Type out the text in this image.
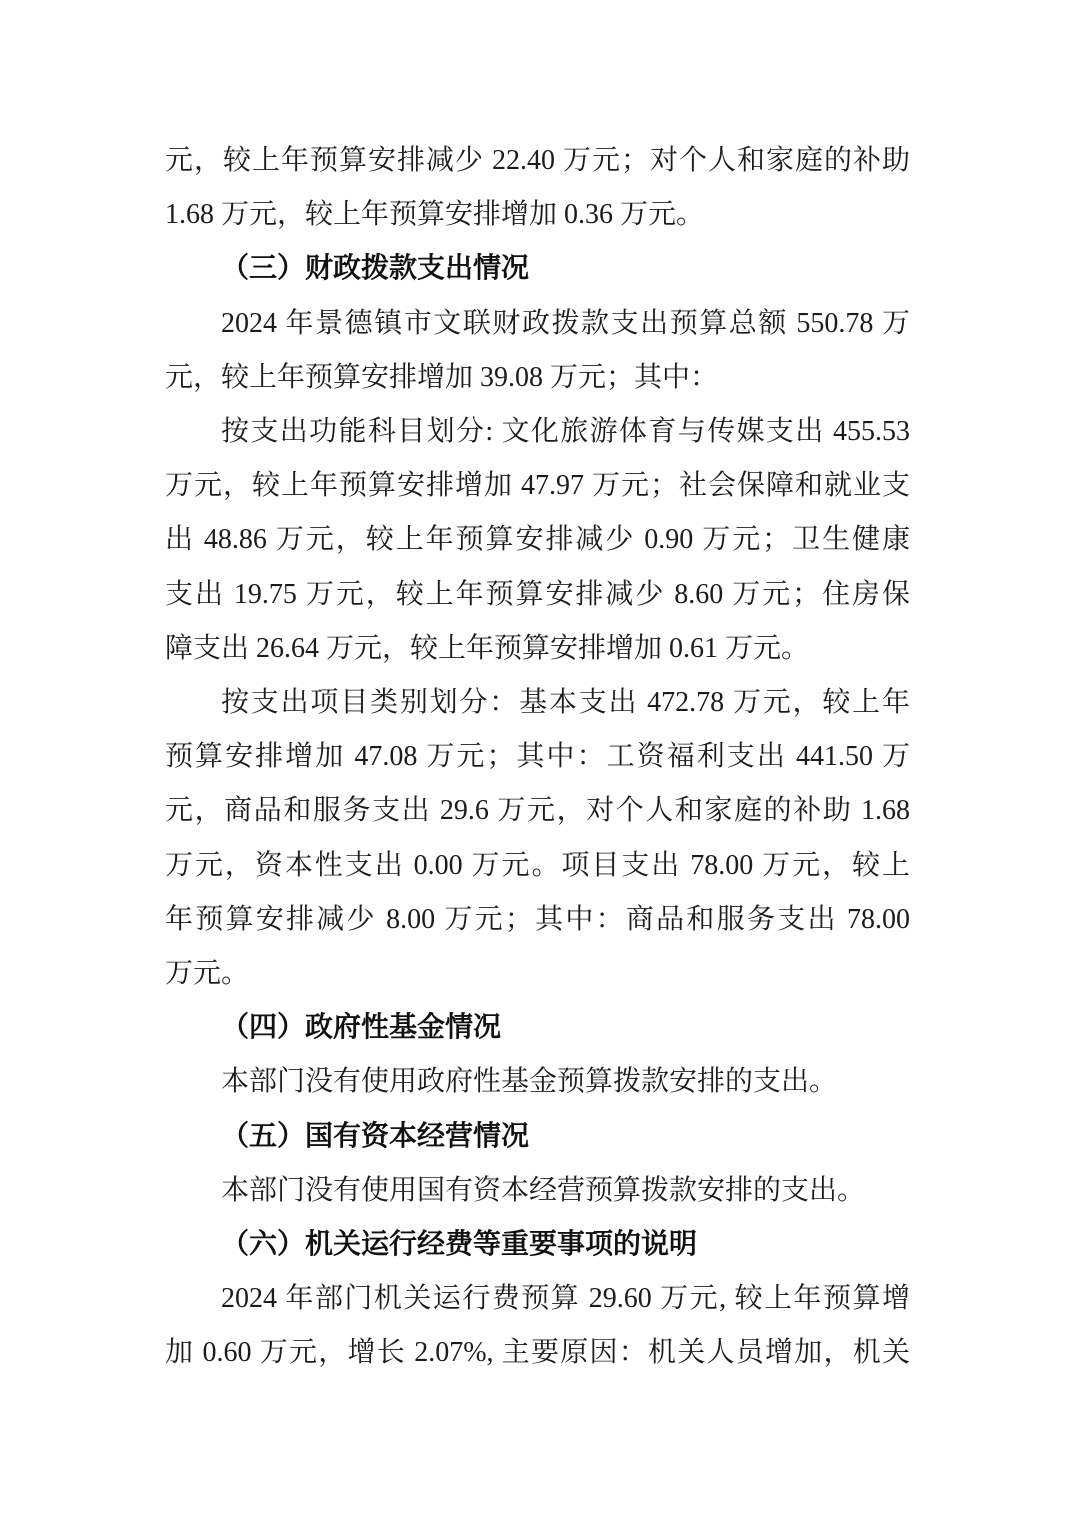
元，较上年预算安排减少 22.40 万元；对个人和家庭的补助
1.68 万元，较上年预算安排增加 0.36 万元。
（三）财政拨款支出情况
2024 年景德镇市文联财政拨款支出预算总额 550.78 万
元，较上年预算安排增加 39.08 万元；其中：
按支出功能科目划分: 文化旅游体育与传媒支出 455.53
万元，较上年预算安排增加 47.97 万元；社会保障和就业支
出 48.86 万元，较上年预算安排减少 0.90 万元；卫生健康
支出 19.75 万元，较上年预算安排减少 8.60 万元；住房保
障支出 26.64 万元，较上年预算安排增加 0.61 万元。
按支出项目类别划分：基本支出 472.78 万元，较上年
预算安排增加 47.08 万元；其中：工资福利支出 441.50 万
元，商品和服务支出 29.6 万元，对个人和家庭的补助 1.68
万元，资本性支出 0.00 万元。项目支出 78.00 万元，较上
年预算安排减少 8.00 万元；其中：商品和服务支出 78.00
万元。
（四）政府性基金情况
本部门没有使用政府性基金预算拨款安排的支出。
（五）国有资本经营情况
本部门没有使用国有资本经营预算拨款安排的支出。
（六）机关运行经费等重要事项的说明
2024 年部门机关运行费预算 29.60 万元, 较上年预算增
加 0.60 万元，增长 2.07%, 主要原因：机关人员增加，机关
